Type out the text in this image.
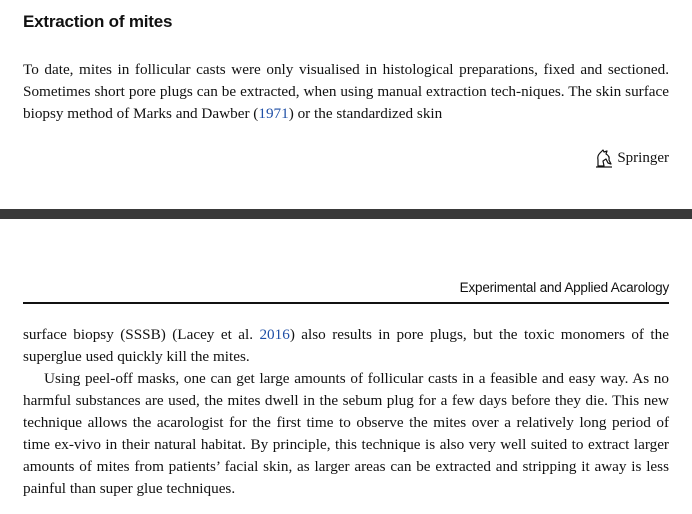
Extraction of mites

To date, mites in follicular casts were only visualised in histological preparations, fixed and sectioned. Sometimes short pore plugs can be extracted, when using manual extraction tech-niques. The skin surface biopsy method of Marks and Dawber (1971) or the standardized skin

Springer
Experimental and Applied Acarology

surface biopsy (SSSB) (Lacey et al. 2016) also results in pore plugs, but the toxic monomers of the superglue used quickly kill the mites.

Using peel-off masks, one can get large amounts of follicular casts in a feasible and easy way. As no harmful substances are used, the mites dwell in the sebum plug for a few days before they die. This new technique allows the acarologist for the first time to observe the mites over a relatively long period of time ex-vivo in their natural habitat. By principle, this technique is also very well suited to extract larger amounts of mites from patients’ facial skin, as larger areas can be extracted and stripping it away is less painful than super glue techniques.
